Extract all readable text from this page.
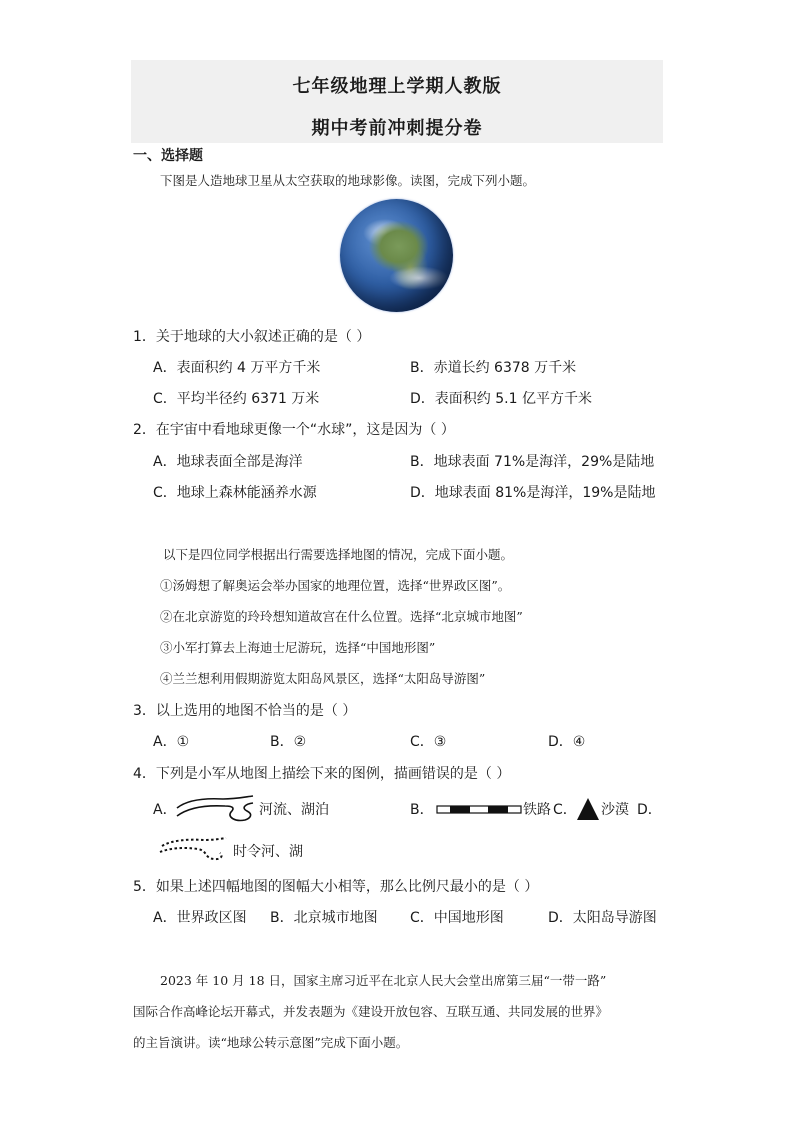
七年级地理上学期人教版
期中考前冲刺提分卷
一、选择题
下图是人造地球卫星从太空获取的地球影像。读图，完成下列小题。
1．关于地球的大小叙述正确的是（ ）
A．表面积约 4 万平方千米	B．赤道长约 6378 万千米
C．平均半径约 6371 万米	D．表面积约 5.1 亿平方千米
2．在宇宙中看地球更像一个“水球”，这是因为（ ）
A．地球表面全部是海洋	B．地球表面 71%是海洋，29%是陆地
C．地球上森林能涵养水源	D．地球表面 81%是海洋，19%是陆地
以下是四位同学根据出行需要选择地图的情况，完成下面小题。
①汤姆想了解奥运会举办国家的地理位置，选择“世界政区图”。
②在北京游览的玲玲想知道故宫在什么位置。选择“北京城市地图”
③小军打算去上海迪士尼游玩，选择“中国地形图”
④兰兰想利用假期游览太阳岛风景区，选择“太阳岛导游图”
3．以上选用的地图不恰当的是（ ）
A．①	B．②	C．③	D．④
4．下列是小军从地图上描绘下来的图例，描画错误的是（ ）
A．	河流、湖泊	B．	铁路 C． 沙漠 D．
时令河、湖
5．如果上述四幅地图的图幅大小相等，那么比例尺最小的是（ ）
A．世界政区图 B．北京城市地图 C．中国地形图	D．太阳岛导游图
2023 年 10 月 18 日，国家主席习近平在北京人民大会堂出席第三届“一带一路”
国际合作高峰论坛开幕式，并发表题为《建设开放包容、互联互通、共同发展的世界》
的主旨演讲。读“地球公转示意图”完成下面小题。
